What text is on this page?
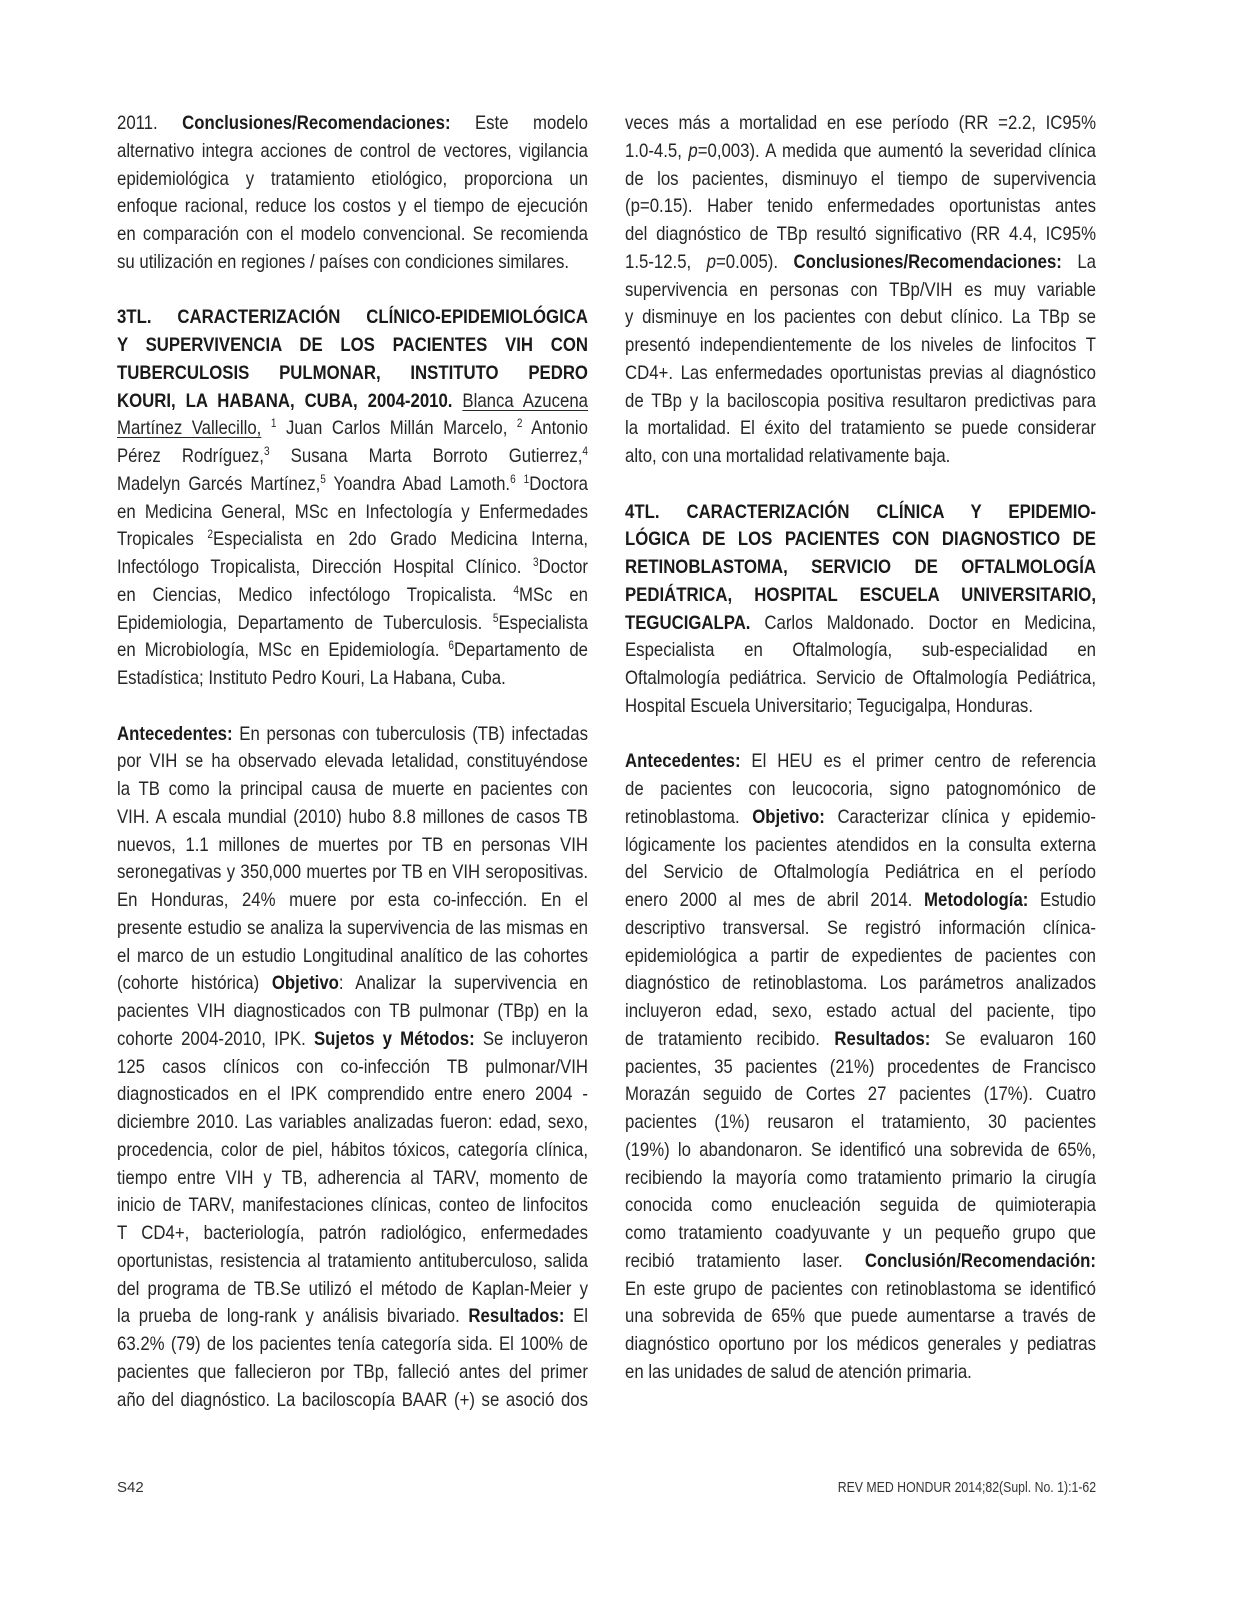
2011. Conclusiones/Recomendaciones: Este modelo
alternativo integra acciones de control de vectores, vigilancia
epidemiológica y tratamiento etiológico, proporciona un
enfoque racional, reduce los costos y el tiempo de ejecución
en comparación con el modelo convencional. Se recomienda
su utilización en regiones / países con condiciones similares.
3TL. CARACTERIZACIÓN CLÍNICO-EPIDEMIOLÓGICA
Y SUPERVIVENCIA DE LOS PACIENTES VIH CON
TUBERCULOSIS PULMONAR, INSTITUTO PEDRO
KOURI, LA HABANA, CUBA, 2004-2010. Blanca Azucena
Martínez Vallecillo, $^1$ Juan Carlos Millán Marcelo, $^2$ Antonio
Pérez Rodríguez,$^3$ Susana Marta Borroto Gutierrez,$^4$
Madelyn Garcés Martínez,$^5$ Yoandra Abad Lamoth.$^6$ $^1$Doctora
en Medicina General, MSc en Infectología y Enfermedades
Tropicales $^2$Especialista en 2do Grado Medicina Interna,
Infectólogo Tropicalista, Dirección Hospital Clínico. $^3$Doctor
en Ciencias, Medico infectólogo Tropicalista. $^4$MSc en
Epidemiologia, Departamento de Tuberculosis. $^5$Especialista
en Microbiología, MSc en Epidemiología. $^6$Departamento de
Estadística; Instituto Pedro Kouri, La Habana, Cuba.
Antecedentes: En personas con tuberculosis (TB) infectadas
por VIH se ha observado elevada letalidad, constituyéndose
la TB como la principal causa de muerte en pacientes con
VIH. A escala mundial (2010) hubo 8.8 millones de casos TB
nuevos, 1.1 millones de muertes por TB en personas VIH
seronegativas y 350,000 muertes por TB en VIH seropositivas.
En Honduras, 24% muere por esta co-infección. En el
presente estudio se analiza la supervivencia de las mismas en
el marco de un estudio Longitudinal analítico de las cohortes
(cohorte histórica) Objetivo: Analizar la supervivencia en
pacientes VIH diagnosticados con TB pulmonar (TBp) en la
cohorte 2004-2010, IPK. Sujetos y Métodos: Se incluyeron
125 casos clínicos con co-infección TB pulmonar/VIH
diagnosticados en el IPK comprendido entre enero 2004 -
diciembre 2010. Las variables analizadas fueron: edad, sexo,
procedencia, color de piel, hábitos tóxicos, categoría clínica,
tiempo entre VIH y TB, adherencia al TARV, momento de
inicio de TARV, manifestaciones clínicas, conteo de linfocitos
T CD4+, bacteriología, patrón radiológico, enfermedades
oportunistas, resistencia al tratamiento antituberculoso, salida
del programa de TB.Se utilizó el método de Kaplan-Meier y
la prueba de long-rank y análisis bivariado. Resultados: El
63.2% (79) de los pacientes tenía categoría sida. El 100% de
pacientes que fallecieron por TBp, falleció antes del primer
año del diagnóstico. La baciloscopía BAAR (+) se asoció dos
veces más a mortalidad en ese período (RR =2.2, IC95%
1.0-4.5, p=0,003). A medida que aumentó la severidad clínica
de los pacientes, disminuyo el tiempo de supervivencia
(p=0.15). Haber tenido enfermedades oportunistas antes
del diagnóstico de TBp resultó significativo (RR 4.4, IC95%
1.5-12.5, p=0.005). Conclusiones/Recomendaciones: La
supervivencia en personas con TBp/VIH es muy variable
y disminuye en los pacientes con debut clínico. La TBp se
presentó independientemente de los niveles de linfocitos T
CD4+. Las enfermedades oportunistas previas al diagnóstico
de TBp y la baciloscopia positiva resultaron predictivas para
la mortalidad. El éxito del tratamiento se puede considerar
alto, con una mortalidad relativamente baja.
4TL. CARACTERIZACIÓN CLÍNICA Y EPIDEMIO-
LÓGICA DE LOS PACIENTES CON DIAGNOSTICO DE
RETINOBLASTOMA, SERVICIO DE OFTALMOLOGÍA
PEDIÁTRICA, HOSPITAL ESCUELA UNIVERSITARIO,
TEGUCIGALPA. Carlos Maldonado. Doctor en Medicina,
Especialista en Oftalmología, sub-especialidad en
Oftalmología pediátrica. Servicio de Oftalmología Pediátrica,
Hospital Escuela Universitario; Tegucigalpa, Honduras.
Antecedentes: El HEU es el primer centro de referencia
de pacientes con leucocoria, signo patognomónico de
retinoblastoma. Objetivo: Caracterizar clínica y epidemio-
lógicamente los pacientes atendidos en la consulta externa
del Servicio de Oftalmología Pediátrica en el período
enero 2000 al mes de abril 2014. Metodología: Estudio
descriptivo transversal. Se registró información clínica-
epidemiológica a partir de expedientes de pacientes con
diagnóstico de retinoblastoma. Los parámetros analizados
incluyeron edad, sexo, estado actual del paciente, tipo
de tratamiento recibido. Resultados: Se evaluaron 160
pacientes, 35 pacientes (21%) procedentes de Francisco
Morazán seguido de Cortes 27 pacientes (17%). Cuatro
pacientes (1%) reusaron el tratamiento, 30 pacientes
(19%) lo abandonaron. Se identificó una sobrevida de 65%,
recibiendo la mayoría como tratamiento primario la cirugía
conocida como enucleación seguida de quimioterapia
como tratamiento coadyuvante y un pequeño grupo que
recibió tratamiento laser. Conclusión/Recomendación:
En este grupo de pacientes con retinoblastoma se identificó
una sobrevida de 65% que puede aumentarse a través de
diagnóstico oportuno por los médicos generales y pediatras
en las unidades de salud de atención primaria.
S42	REV MED HONDUR 2014;82(Supl. No. 1):1-62
